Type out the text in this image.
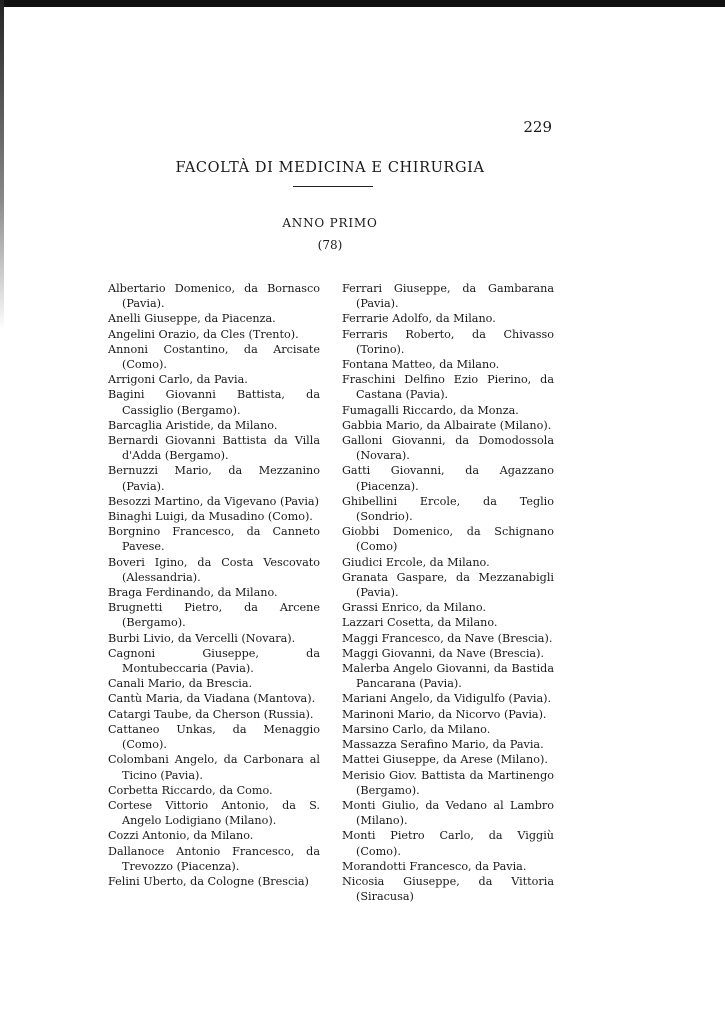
229
FACOLTÀ DI MEDICINA E CHIRURGIA
ANNO PRIMO
(78)
Albertario Domenico, da Bornasco (Pavia).
Anelli Giuseppe, da Piacenza.
Angelini Orazio, da Cles (Trento).
Annoni Costantino, da Arcisate (Como).
Arrigoni Carlo, da Pavia.
Bagini Giovanni Battista, da Cassiglio (Bergamo).
Barcaglia Aristide, da Milano.
Bernardi Giovanni Battista da Villa d'Adda (Bergamo).
Bernuzzi Mario, da Mezzanino (Pavia).
Besozzi Martino, da Vigevano (Pavia)
Binaghi Luigi, da Musadino (Como).
Borgnino Francesco, da Canneto Pavese.
Boveri Igino, da Costa Vescovato (Alessandria).
Braga Ferdinando, da Milano.
Brugnetti Pietro, da Arcene (Bergamo).
Burbi Livio, da Vercelli (Novara).
Cagnoni Giuseppe, da Montubeccaria (Pavia).
Canali Mario, da Brescia.
Cantù Maria, da Viadana (Mantova).
Catargi Taube, da Cherson (Russia).
Cattaneo Unkas, da Menaggio (Como).
Colombani Angelo, da Carbonara al Ticino (Pavia).
Corbetta Riccardo, da Como.
Cortese Vittorio Antonio, da S. Angelo Lodigiano (Milano).
Cozzi Antonio, da Milano.
Dallanoce Antonio Francesco, da Trevozzo (Piacenza).
Felini Uberto, da Cologne (Brescia)
Ferrari Giuseppe, da Gambarana (Pavia).
Ferrarie Adolfo, da Milano.
Ferraris Roberto, da Chivasso (Torino).
Fontana Matteo, da Milano.
Fraschini Delfino Ezio Pierino, da Castana (Pavia).
Fumagalli Riccardo, da Monza.
Gabbia Mario, da Albairate (Milano).
Galloni Giovanni, da Domodossola (Novara).
Gatti Giovanni, da Agazzano (Piacenza).
Ghibellini Ercole, da Teglio (Sondrio).
Giobbi Domenico, da Schignano (Como)
Giudici Ercole, da Milano.
Granata Gaspare, da Mezzanabigli (Pavia).
Grassi Enrico, da Milano.
Lazzari Cosetta, da Milano.
Maggi Francesco, da Nave (Brescia).
Maggi Giovanni, da Nave (Brescia).
Malerba Angelo Giovanni, da Bastida Pancarana (Pavia).
Mariani Angelo, da Vidigulfo (Pavia).
Marinoni Mario, da Nicorvo (Pavia).
Marsino Carlo, da Milano.
Massazza Serafino Mario, da Pavia.
Mattei Giuseppe, da Arese (Milano).
Merisio Giov. Battista da Martinengo (Bergamo).
Monti Giulio, da Vedano al Lambro (Milano).
Monti Pietro Carlo, da Viggiù (Como).
Morandotti Francesco, da Pavia.
Nicosia Giuseppe, da Vittoria (Siracusa)
